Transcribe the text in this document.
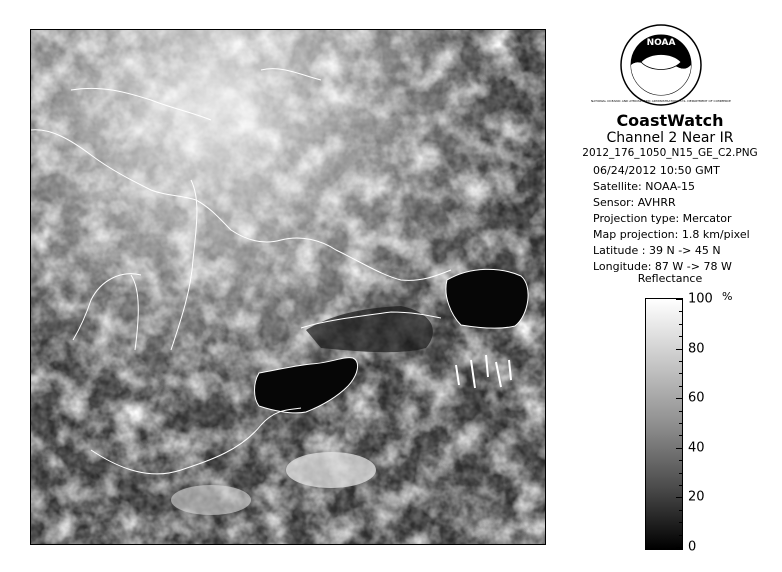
NOAA
NATIONAL OCEANIC AND ATMOSPHERIC ADMINISTRATION · U.S. DEPARTMENT OF COMMERCE
CoastWatch
Channel 2 Near IR
2012_176_1050_N15_GE_C2.PNG
06/24/2012 10:50 GMT
Satellite: NOAA-15
Sensor: AVHRR
Projection type: Mercator
Map projection: 1.8 km/pixel
Latitude : 39 N -> 45 N
Longitude: 87 W -> 78 W
Reflectance
%
100
80
60
40
20
0
